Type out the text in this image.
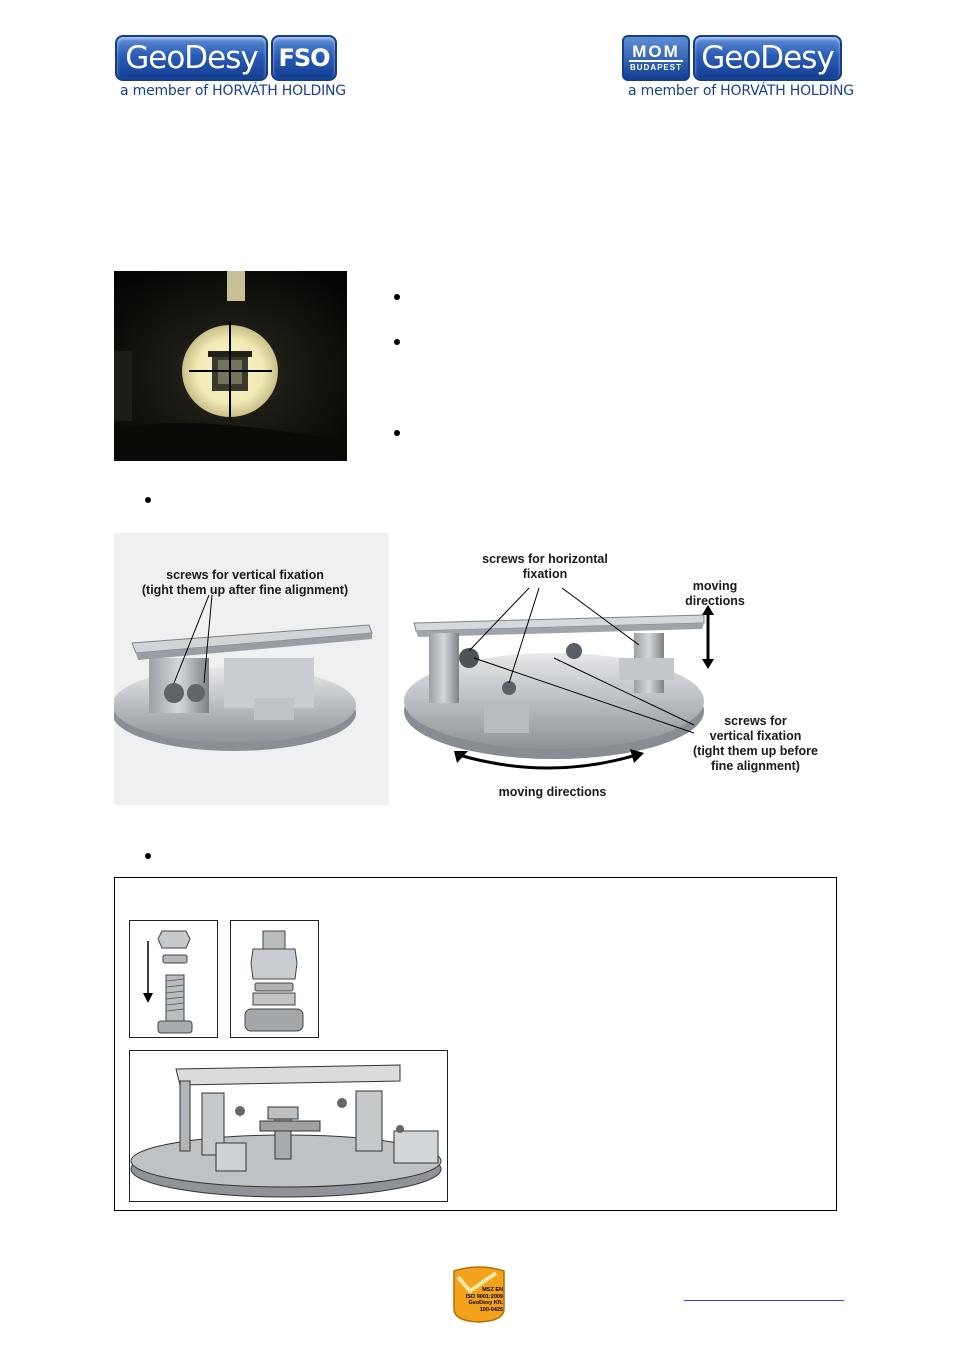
GeoDesy FSO
a member of HORVÁTH HOLDING
MOM
BUDAPEST GeoDesy
a member of HORVÁTH HOLDING
screws for vertical fixation
(tight them up after fine alignment)
screws for horizontal
fixation
moving
directions
screws for
vertical fixation
(tight them up before
fine alignment)
moving directions
MSZ EN
ISO 9001:2009
GeoDesy Kft.
100-0425
